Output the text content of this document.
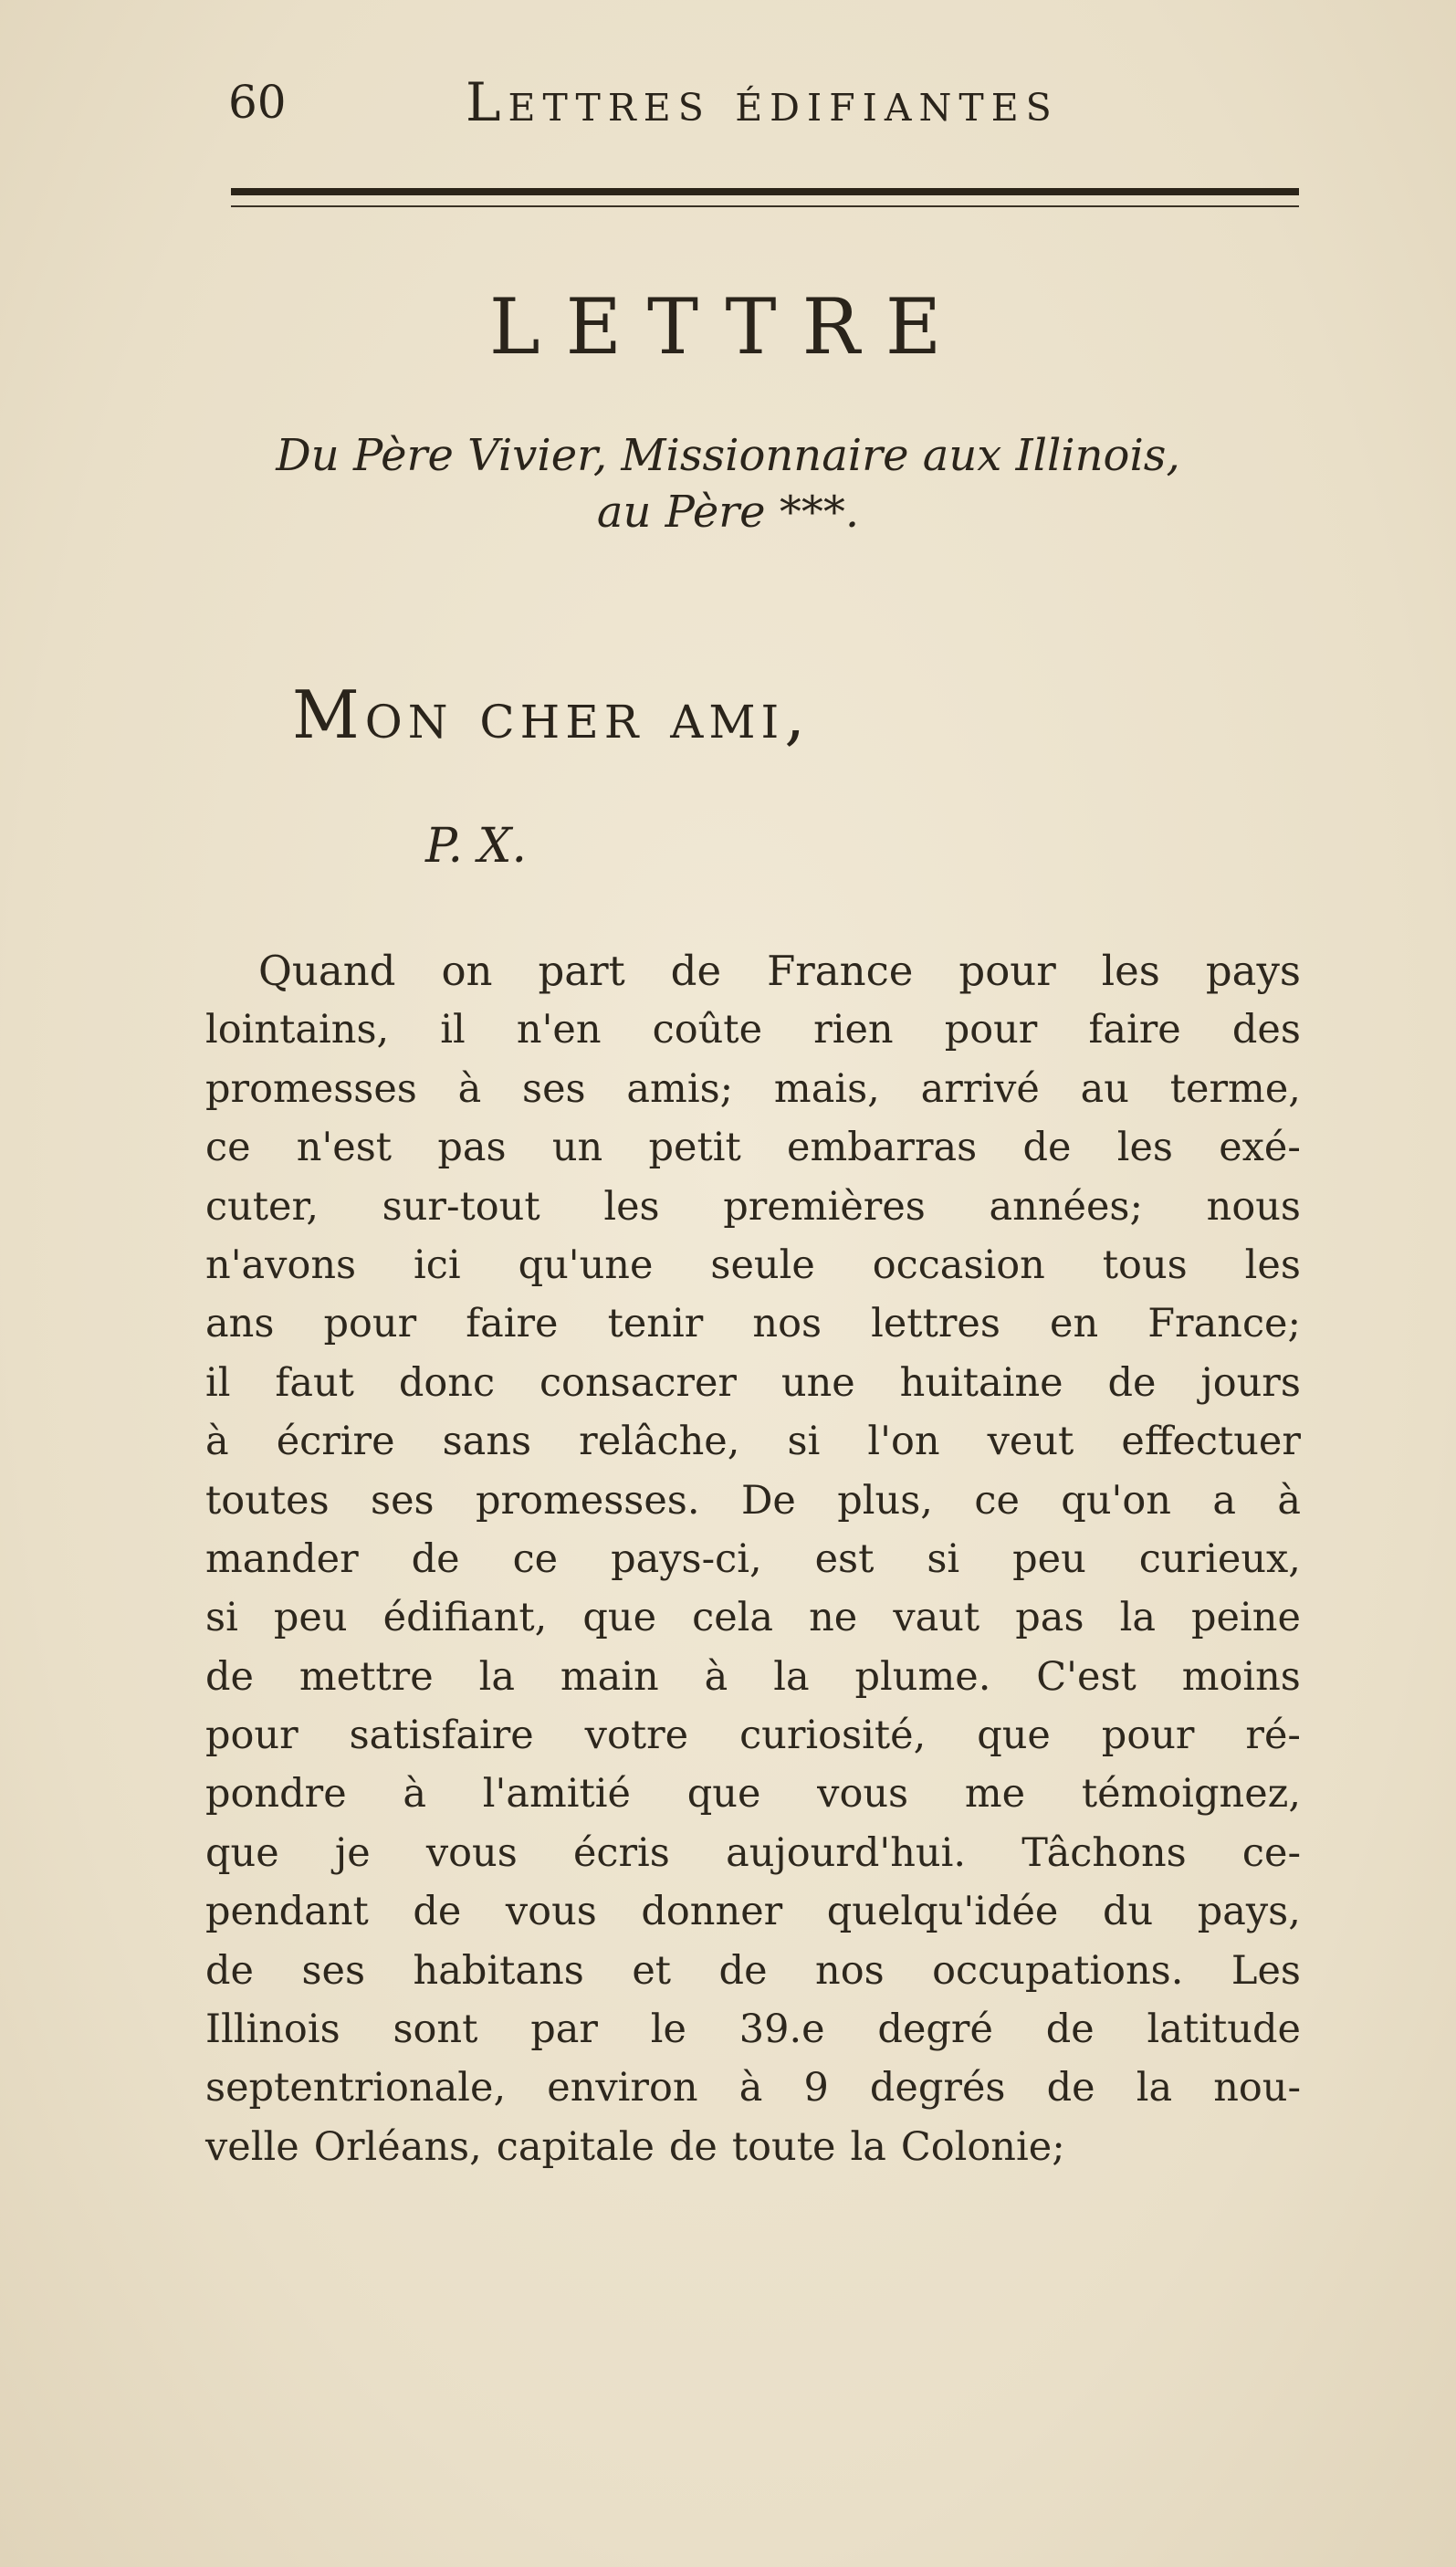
60	Lettres édifiantes
LETTRE
Du Père Vivier, Missionnaire aux Illinois,
au Père ***.
Mon cher ami,
P. X.
Quand on part de France pour les pays
lointains, il n'en coûte rien pour faire des
promesses à ses amis; mais, arrivé au terme,
ce n'est pas un petit embarras de les exé-
cuter, sur-tout les premières années; nous
n'avons ici qu'une seule occasion tous les
ans pour faire tenir nos lettres en France;
il faut donc consacrer une huitaine de jours
à écrire sans relâche, si l'on veut effectuer
toutes ses promesses. De plus, ce qu'on a à
mander de ce pays-ci, est si peu curieux,
si peu édifiant, que cela ne vaut pas la peine
de mettre la main à la plume. C'est moins
pour satisfaire votre curiosité, que pour ré-
pondre à l'amitié que vous me témoignez,
que je vous écris aujourd'hui. Tâchons ce-
pendant de vous donner quelqu'idée du pays,
de ses habitans et de nos occupations. Les
Illinois sont par le 39.e degré de latitude
septentrionale, environ à 9 degrés de la nou-
velle Orléans, capitale de toute la Colonie;
